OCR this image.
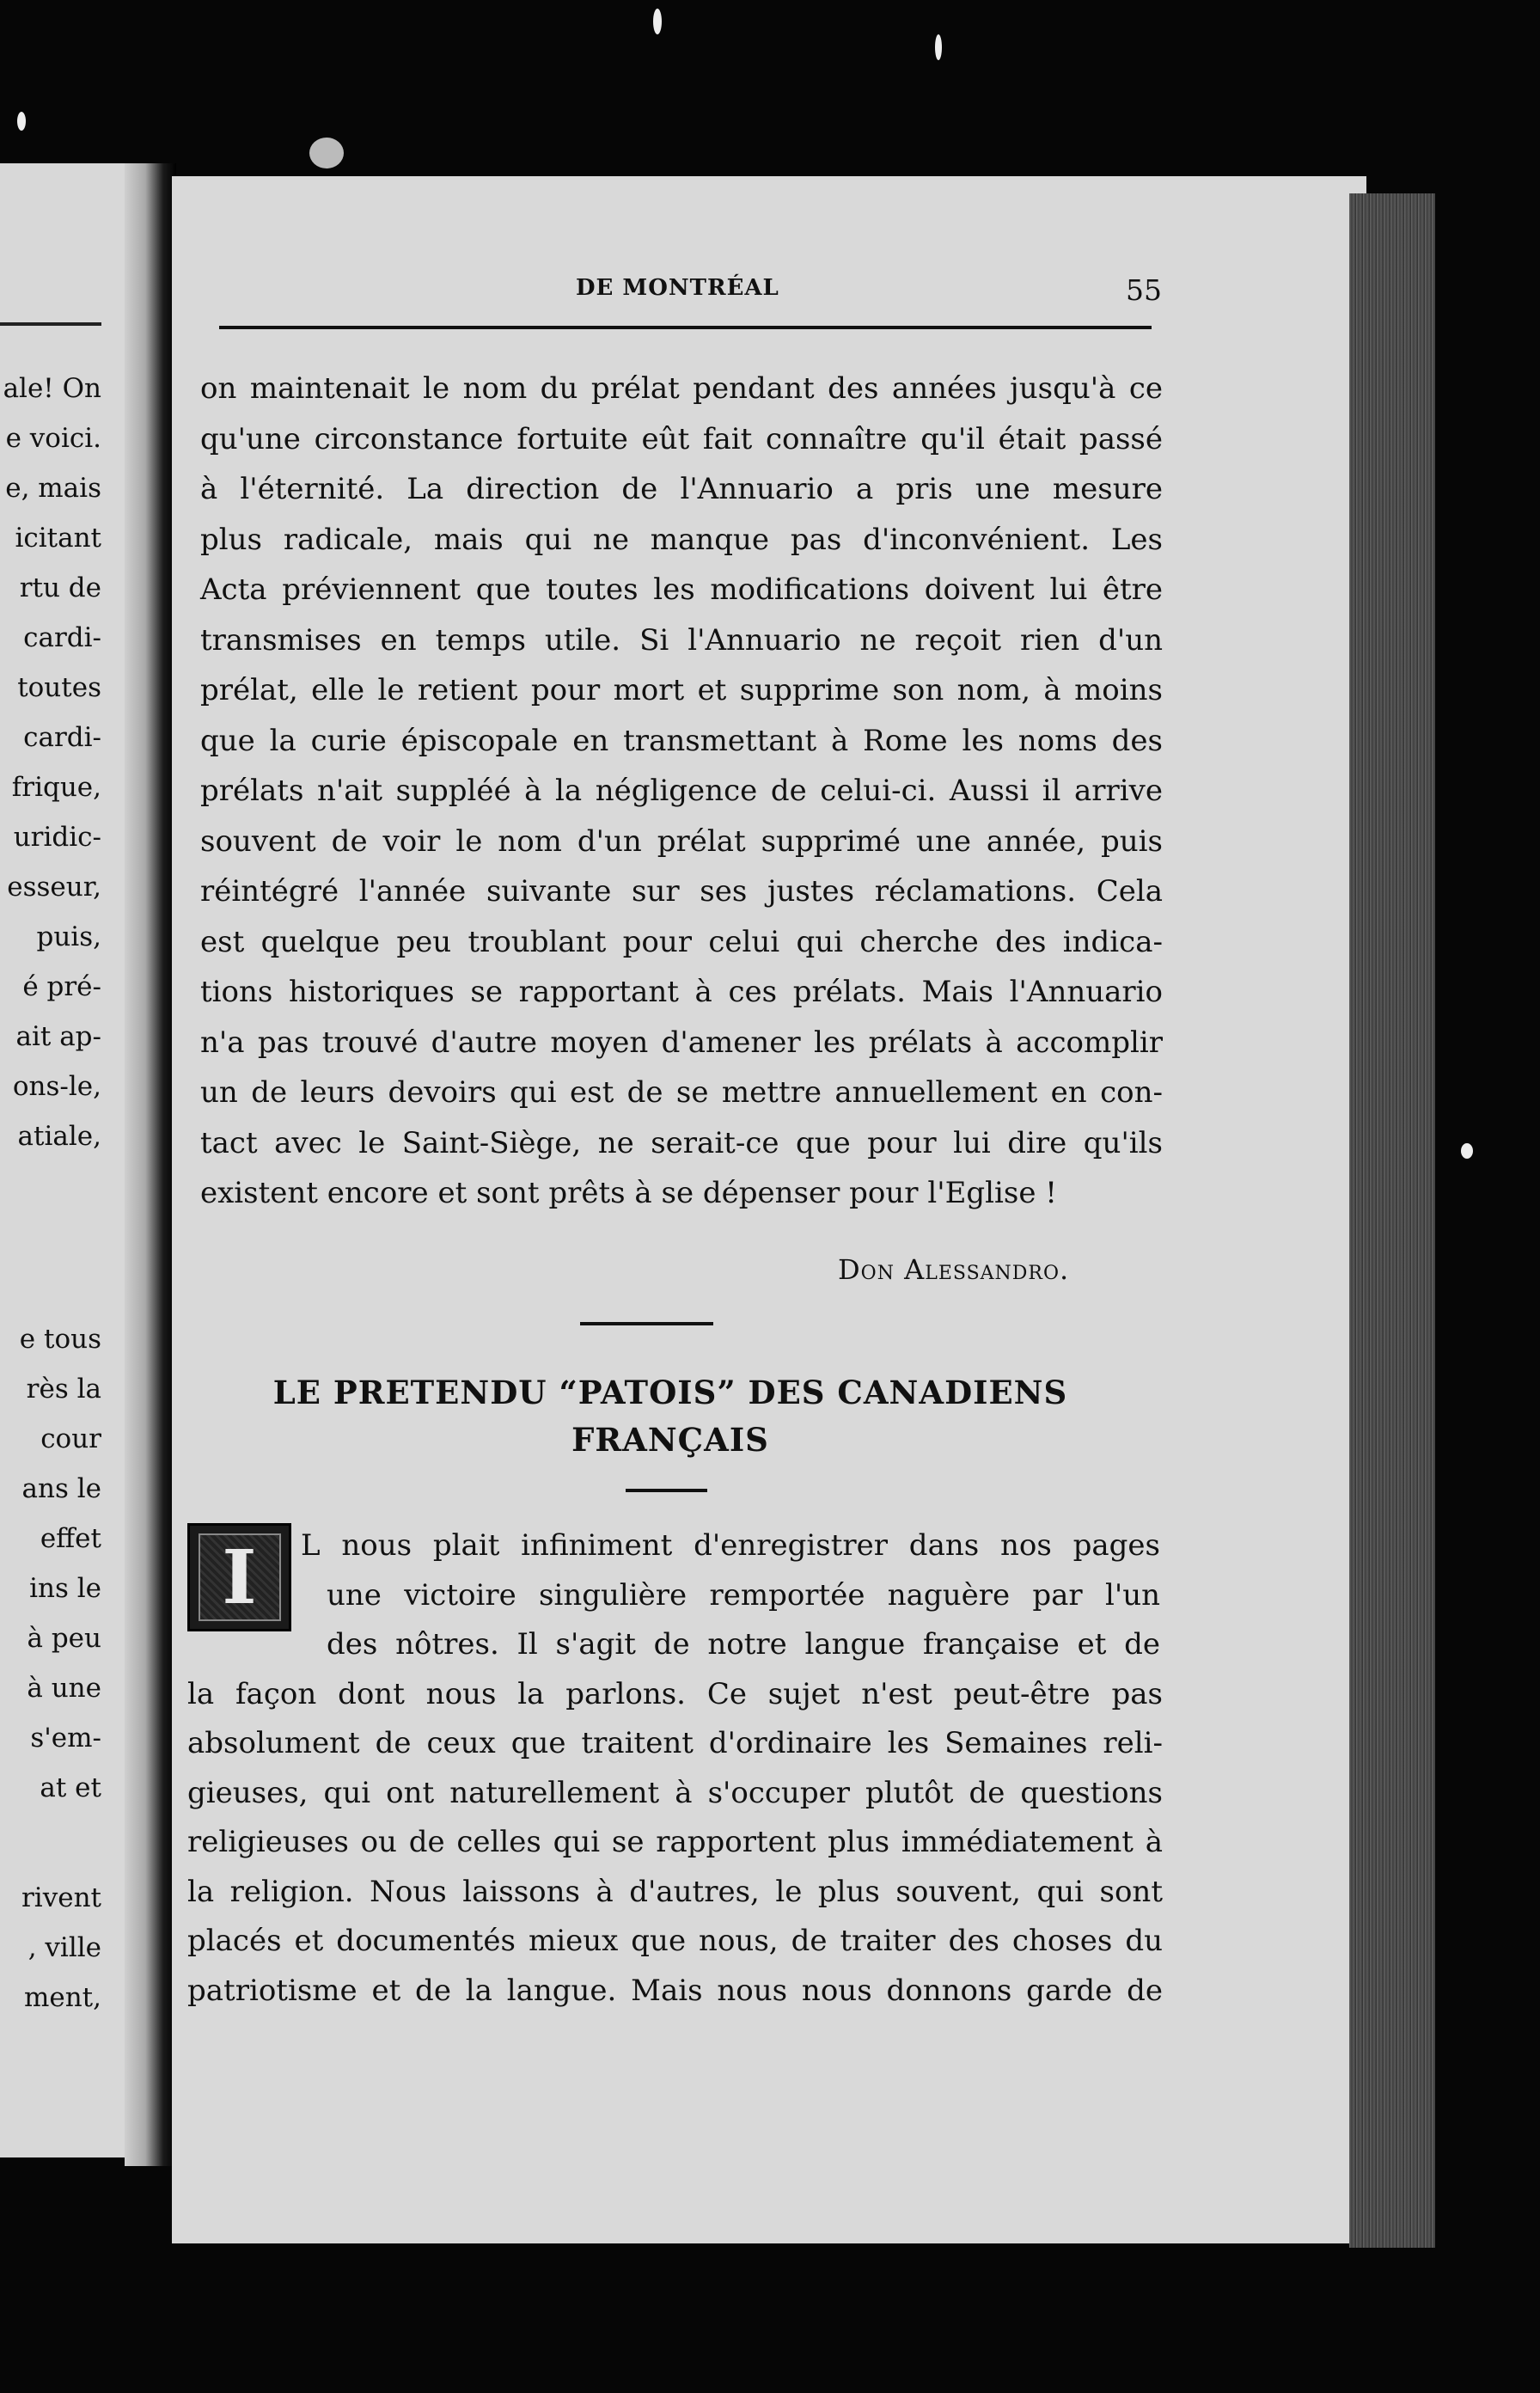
ale! On
e voici.
e, mais
icitant
rtu de
cardi-
toutes
cardi-
frique,
uridic-
esseur,
puis,
é pré-
ait ap-
ons-le,
atiale,
e tous
rès la
cour
ans le
effet
ins le
à peu
à une
s'em-
at et
rivent
, ville
ment,
DE MONTRÉAL	55
on maintenait le nom du prélat pendant des années jusqu'à ce
qu'une circonstance fortuite eût fait connaître qu'il était passé
à l'éternité. La direction de l'Annuario a pris une mesure
plus radicale, mais qui ne manque pas d'inconvénient. Les
Acta préviennent que toutes les modifications doivent lui être
transmises en temps utile. Si l'Annuario ne reçoit rien d'un
prélat, elle le retient pour mort et supprime son nom, à moins
que la curie épiscopale en transmettant à Rome les noms des
prélats n'ait suppléé à la négligence de celui-ci. Aussi il arrive
souvent de voir le nom d'un prélat supprimé une année, puis
réintégré l'année suivante sur ses justes réclamations. Cela
est quelque peu troublant pour celui qui cherche des indica-
tions historiques se rapportant à ces prélats. Mais l'Annuario
n'a pas trouvé d'autre moyen d'amener les prélats à accomplir
un de leurs devoirs qui est de se mettre annuellement en con-
tact avec le Saint-Siège, ne serait-ce que pour lui dire qu'ils
existent encore et sont prêts à se dépenser pour l'Eglise !
Don Alessandro.
LE PRETENDU “PATOIS” DES CANADIENS
FRANÇAIS
I	L nous plait infiniment d'enregistrer dans nos pages
une victoire singulière remportée naguère par l'un
des nôtres. Il s'agit de notre langue française et de
la façon dont nous la parlons. Ce sujet n'est peut-être pas
absolument de ceux que traitent d'ordinaire les Semaines reli-
gieuses, qui ont naturellement à s'occuper plutôt de questions
religieuses ou de celles qui se rapportent plus immédiatement à
la religion. Nous laissons à d'autres, le plus souvent, qui sont
placés et documentés mieux que nous, de traiter des choses du
patriotisme et de la langue. Mais nous nous donnons garde de
